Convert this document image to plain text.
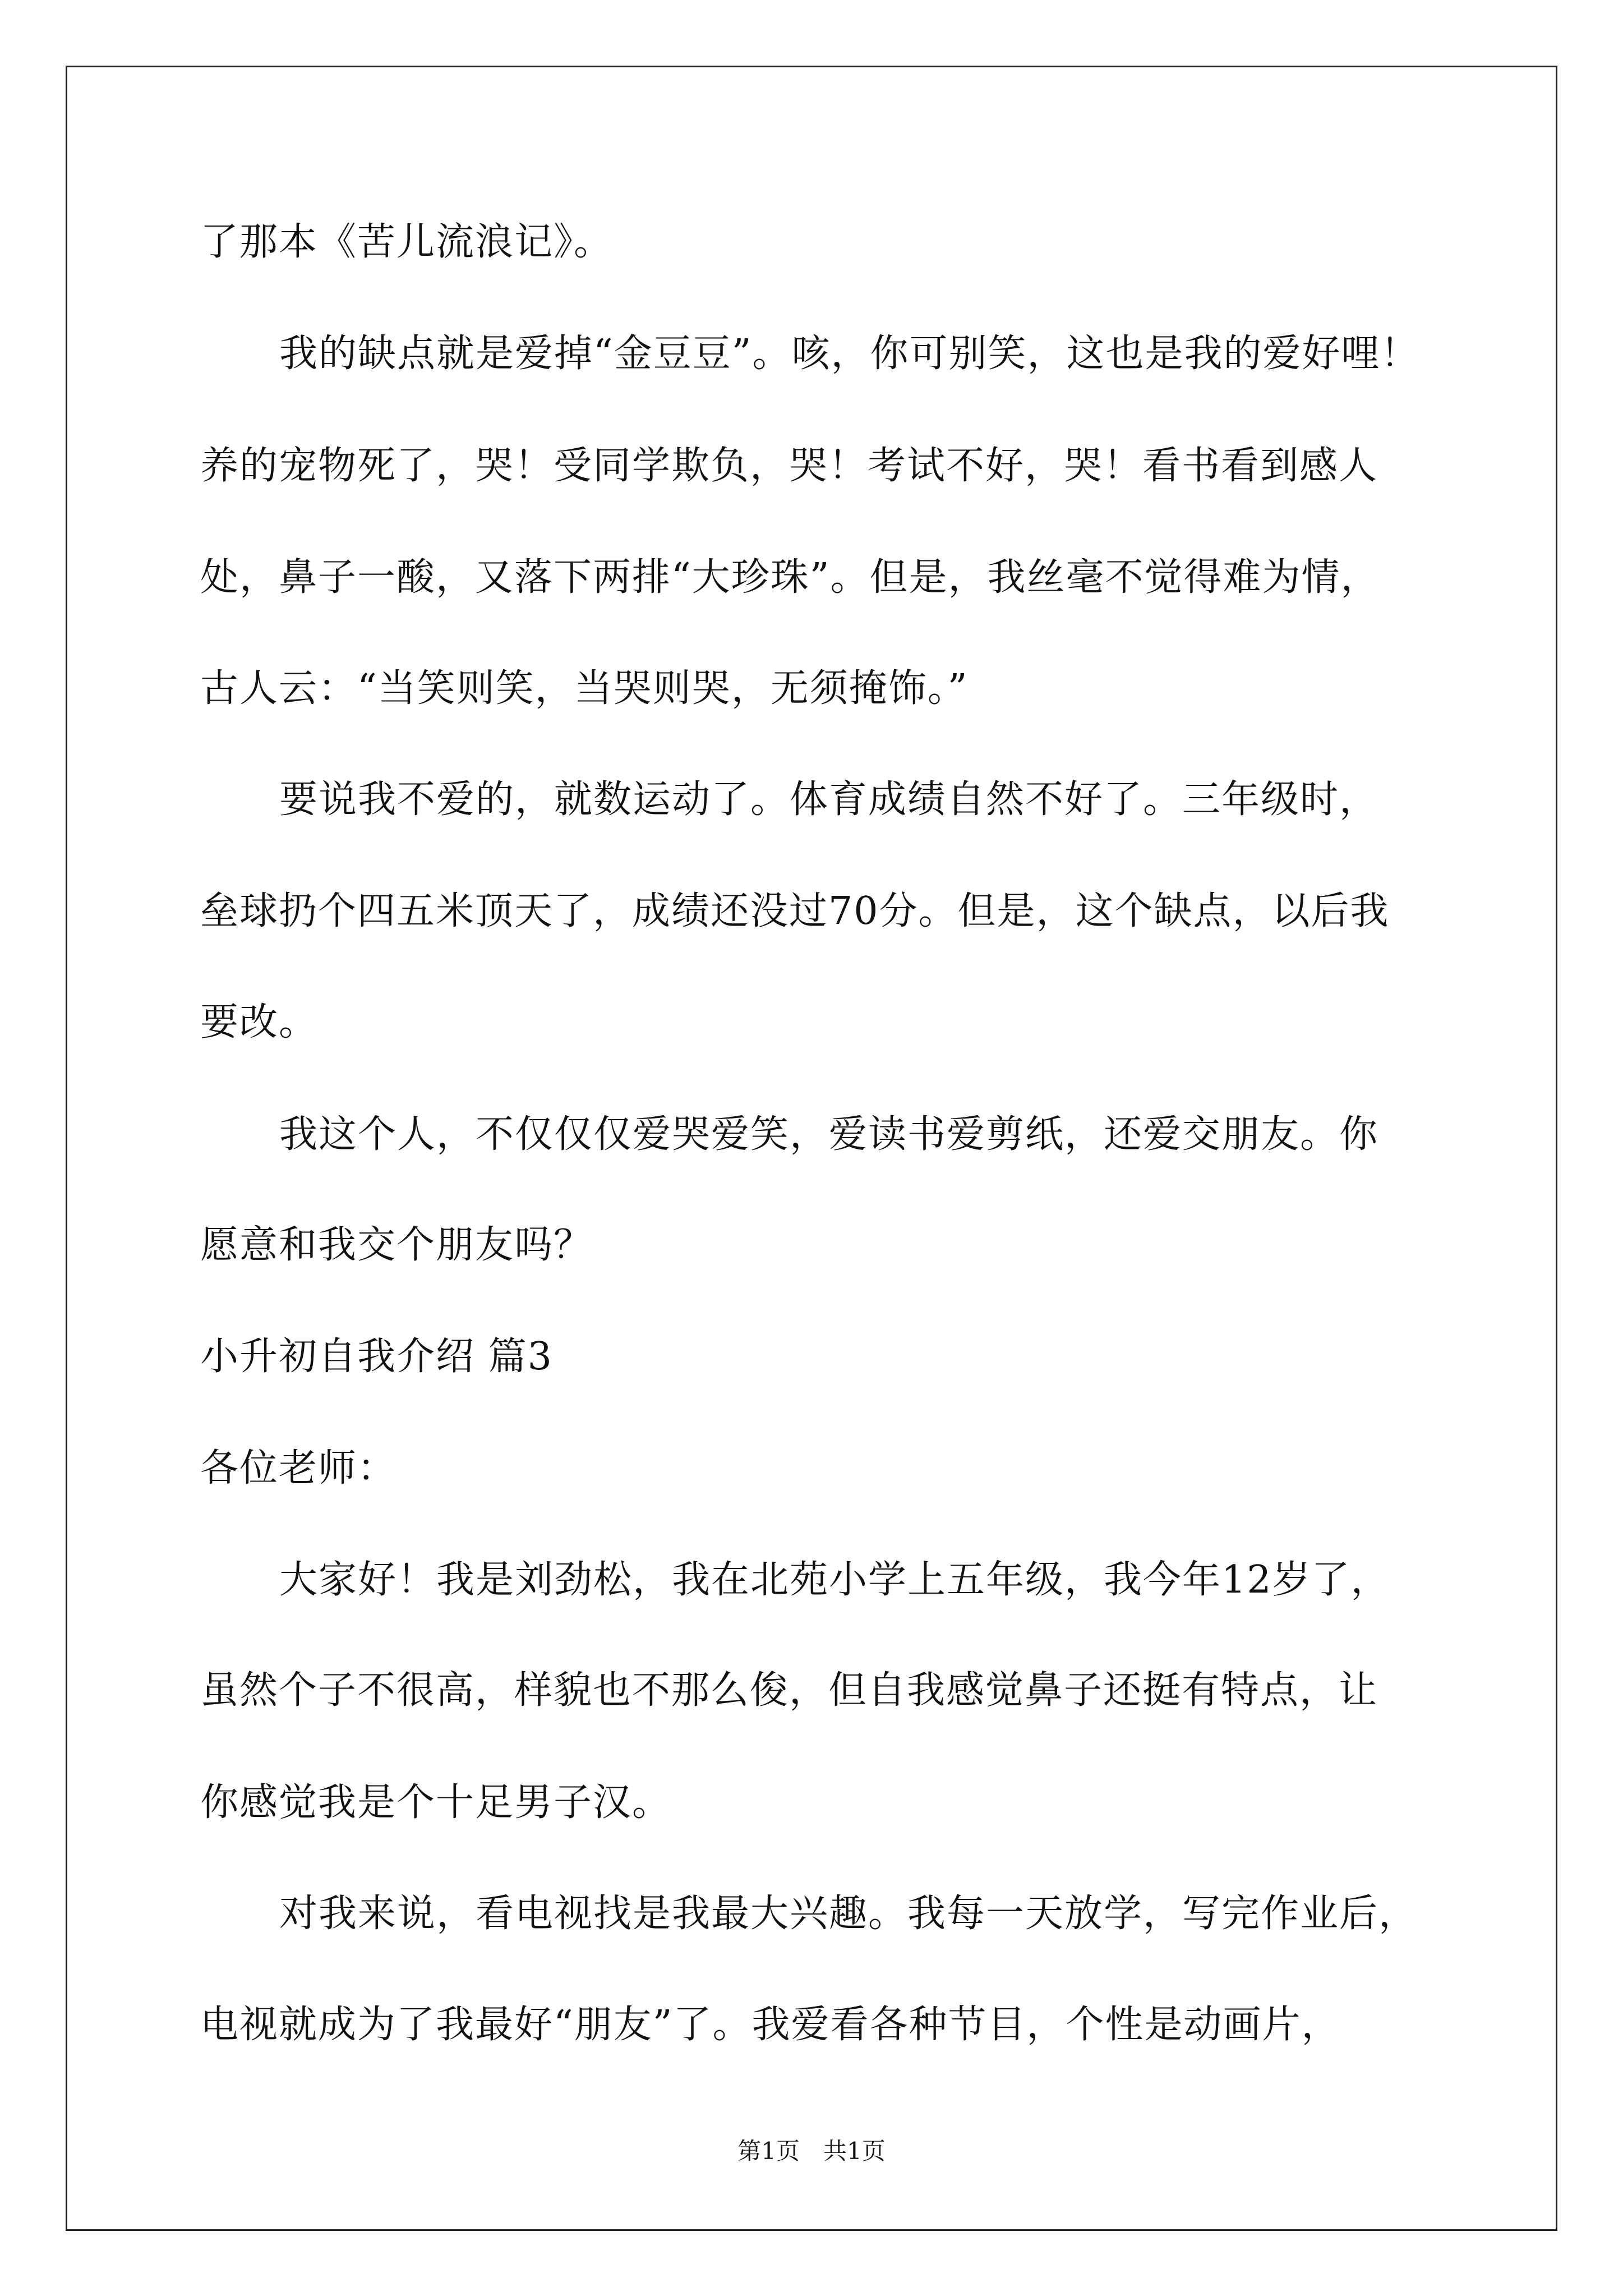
了那本《苦儿流浪记》。
我的缺点就是爱掉“金豆豆”。咳，你可别笑，这也是我的爱好哩！
养的宠物死了，哭！受同学欺负，哭！考试不好，哭！看书看到感人
处，鼻子一酸，又落下两排“大珍珠”。但是，我丝毫不觉得难为情，
古人云：“当笑则笑，当哭则哭，无须掩饰。”
要说我不爱的，就数运动了。体育成绩自然不好了。三年级时，
垒球扔个四五米顶天了，成绩还没过70分。但是，这个缺点，以后我
要改。
我这个人，不仅仅仅爱哭爱笑，爱读书爱剪纸，还爱交朋友。你
愿意和我交个朋友吗？
小升初自我介绍 篇3
各位老师：
大家好！我是刘劲松，我在北苑小学上五年级，我今年12岁了，
虽然个子不很高，样貌也不那么俊，但自我感觉鼻子还挺有特点，让
你感觉我是个十足男子汉。
对我来说，看电视找是我最大兴趣。我每一天放学，写完作业后，
电视就成为了我最好“朋友”了。我爱看各种节目，个性是动画片，
第1页　共1页
